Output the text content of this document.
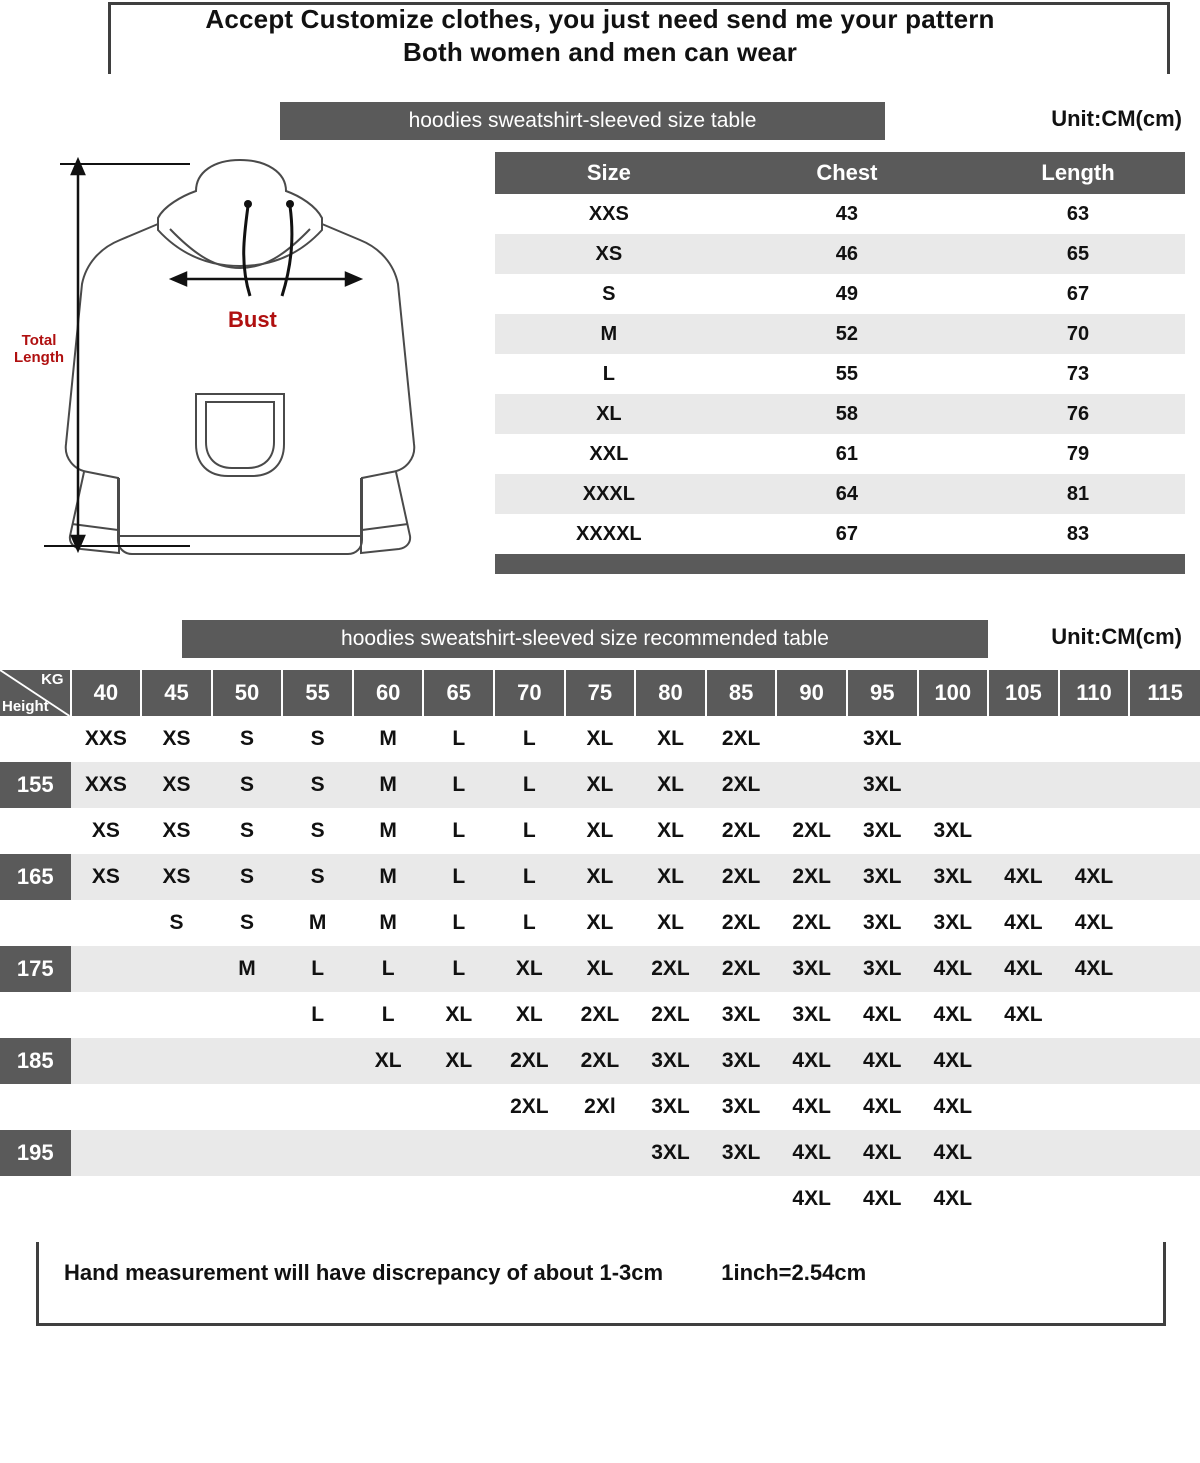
Accept Customize clothes, you just need send me your pattern
Both women and men can wear
hoodies sweatshirt-sleeved size table	Unit:CM(cm)
Bust
Total
Length
Size	Chest	Length
XXS	43	63
XS	46	65
S	49	67
M	52	70
L	55	73
XL	58	76
XXL	61	79
XXXL	64	81
XXXXL	67	83

hoodies sweatshirt-sleeved size recommended table	Unit:CM(cm)
KG
Height	40	45	50	55	60	65	70	75	80	85	90	95	100	105	110	115
150	XXS	XS	S	S	M	L	L	XL	XL	2XL		3XL				
155	XXS	XS	S	S	M	L	L	XL	XL	2XL		3XL				
160	XS	XS	S	S	M	L	L	XL	XL	2XL	2XL	3XL	3XL			
165	XS	XS	S	S	M	L	L	XL	XL	2XL	2XL	3XL	3XL	4XL	4XL	
170		S	S	M	M	L	L	XL	XL	2XL	2XL	3XL	3XL	4XL	4XL	
175			M	L	L	L	XL	XL	2XL	2XL	3XL	3XL	4XL	4XL	4XL	
180				L	L	XL	XL	2XL	2XL	3XL	3XL	4XL	4XL	4XL		
185					XL	XL	2XL	2XL	3XL	3XL	4XL	4XL	4XL			
190							2XL	2Xl	3XL	3XL	4XL	4XL	4XL			
195									3XL	3XL	4XL	4XL	4XL			
205											4XL	4XL	4XL			
Hand measurement will have discrepancy of about 1-3cm	1inch=2.54cm
